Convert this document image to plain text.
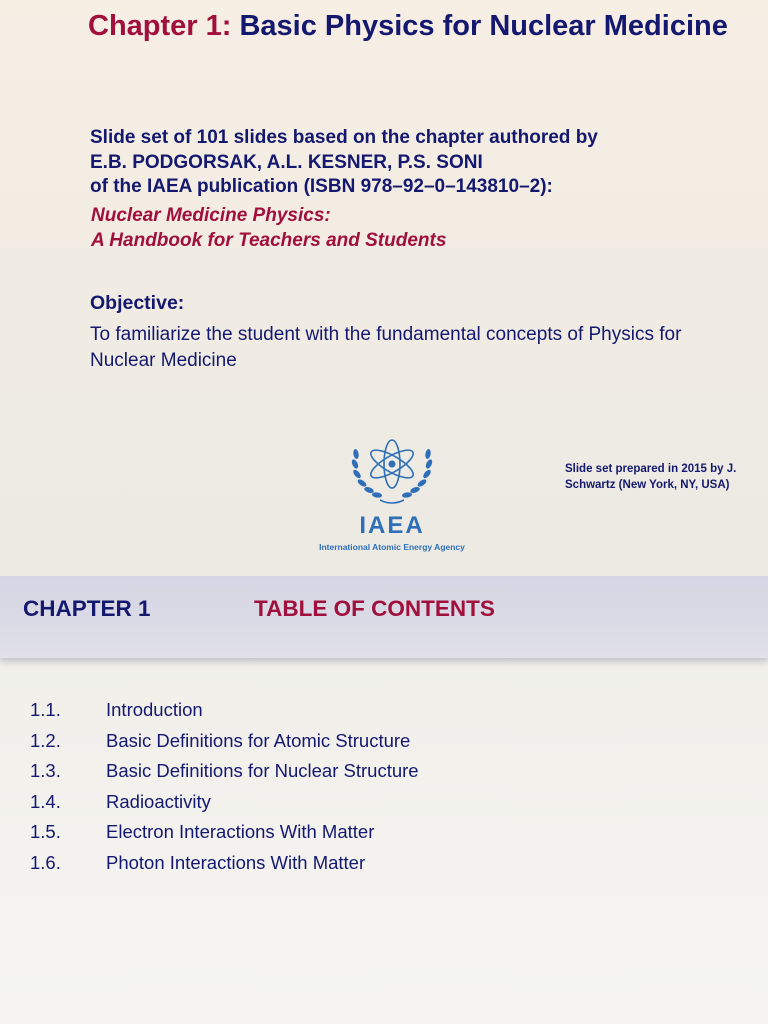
Chapter 1: Basic Physics for Nuclear Medicine
Slide set of 101 slides based on the chapter authored by
E.B. PODGORSAK, A.L. KESNER, P.S. SONI
of the IAEA publication (ISBN 978–92–0–143810–2):
Nuclear Medicine Physics:
A Handbook for Teachers and Students
Objective:
To familiarize the student with the fundamental concepts of Physics for Nuclear Medicine
IAEA
International Atomic Energy Agency
Slide set prepared in 2015 by J. Schwartz (New York, NY, USA)
CHAPTER 1	TABLE OF CONTENTS
1.1. Introduction
1.2. Basic Definitions for Atomic Structure
1.3. Basic Definitions for Nuclear Structure
1.4. Radioactivity
1.5. Electron Interactions With Matter
1.6. Photon Interactions With Matter
